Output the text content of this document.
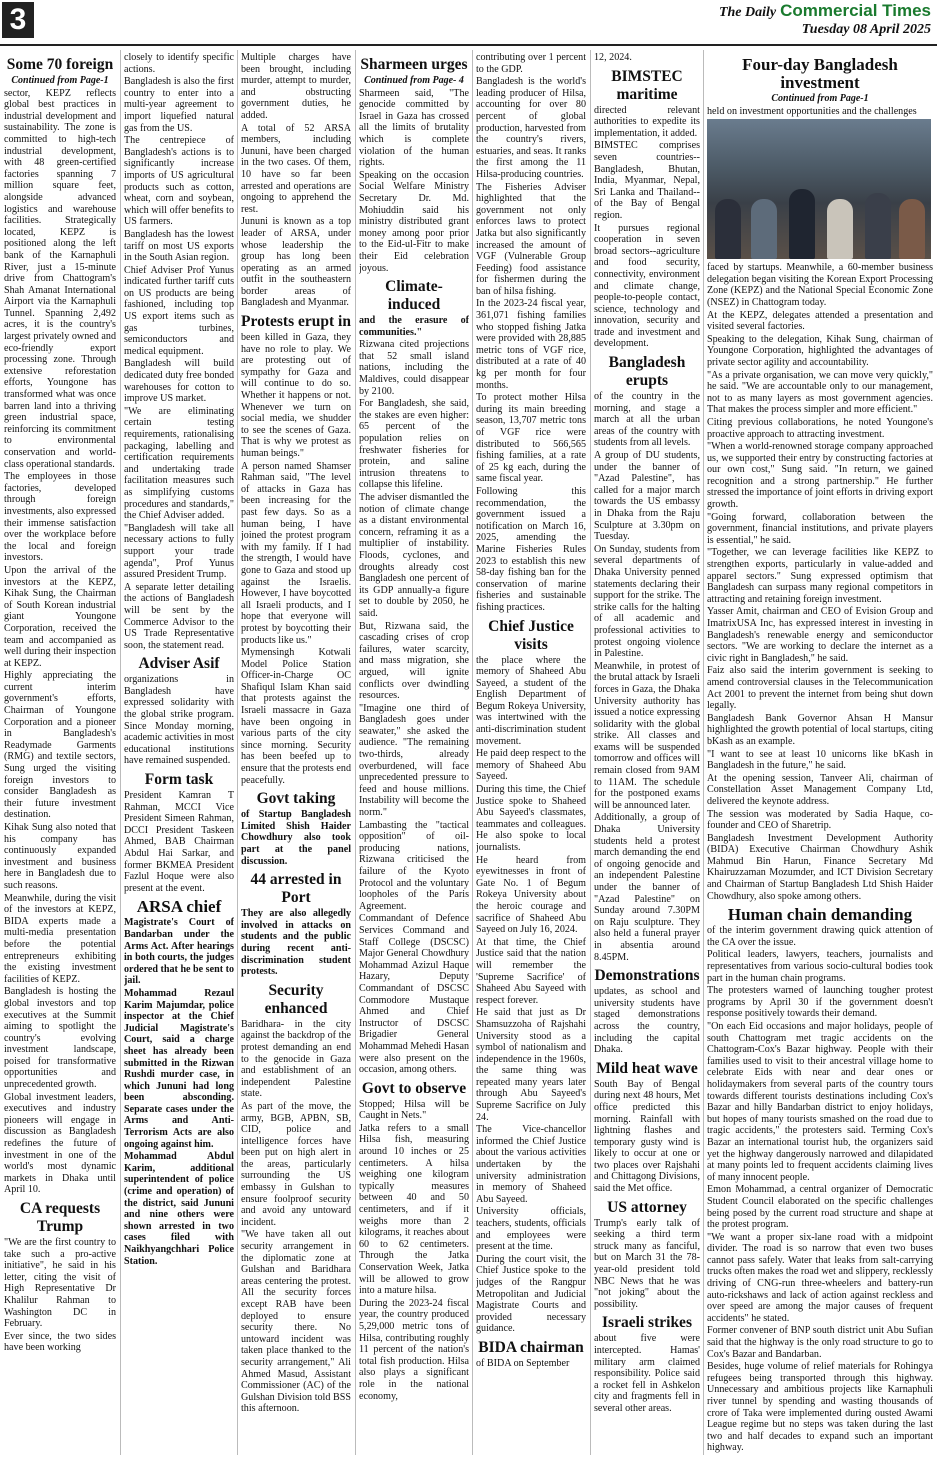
3	The Daily Commercial Times
Tuesday 08 April 2025
Some 70 foreign
Continued from Page-1

sector, KEPZ reflects global best practices in industrial development and sustainability. The zone is committed to high-tech industrial development, with 48 green-certified factories spanning 7 million square feet, alongside advanced logistics and warehouse facilities. Strategically located, KEPZ is positioned along the left bank of the Karnaphuli River, just a 15-minute drive from Chattogram's Shah Amanat International Airport via the Karnaphuli Tunnel. Spanning 2,492 acres, it is the country's largest privately owned and eco-friendly export processing zone. Through extensive reforestation efforts, Youngone has transformed what was once barren land into a thriving green industrial space, reinforcing its commitment to environmental conservation and world-class operational standards.

The employees in those factories, developed through foreign investments, also expressed their immense satisfaction over the workplace before the local and foreign investors.

Upon the arrival of the investors at the KEPZ, Kihak Sung, the Chairman of South Korean industrial giant Youngone Corporation, received the team and accompanied as well during their inspection at KEPZ.

Highly appreciating the current interim government's efforts, Chairman of Youngone Corporation and a pioneer in Bangladesh's Readymade Garments (RMG) and textile sectors, Sung urged the visiting foreign investors to consider Bangladesh as their future investment destination.

Kihak Sung also noted that his company has continuously expanded investment and business here in Bangladesh due to such reasons.

Meanwhile, during the visit of the investors at KEPZ, BIDA experts made a multi-media presentation before the potential entrepreneurs exhibiting the existing investment facilities of KEPZ.

Bangladesh is hosting the global investors and top executives at the Summit aiming to spotlight the country's evolving investment landscape, poised for transformative opportunities and unprecedented growth.

Global investment leaders, executives and industry pioneers will engage in discussion as Bangladesh redefines the future of investment in one of the world's most dynamic markets in Dhaka until April 10.

CA requests Trump

"We are the first country to take such a pro-active initiative", he said in his letter, citing the visit of High Representative Dr Khalilur Rahman to Washington DC in February.

Ever since, the two sides have been working

closely to identify specific actions.

Bangladesh is also the first country to enter into a multi-year agreement to import liquefied natural gas from the US.

The centrepiece of Bangladesh's actions is to significantly increase imports of US agricultural products such as cotton, wheat, corn and soybean, which will offer benefits to US farmers.

Bangladesh has the lowest tariff on most US exports in the South Asian region.

Chief Adviser Prof Yunus indicated further tariff cuts on US products are being fashioned, including top US export items such as gas turbines, semiconductors and medical equipment.

Bangladesh will build dedicated duty free bonded warehouses for cotton to improve US market.

"We are eliminating certain testing requirements, rationalising packaging, labelling and certification requirements and undertaking trade facilitation measures such as simplifying customs procedures and standards," the Chief Adviser added.

"Bangladesh will take all necessary actions to fully support your trade agenda", Prof Yunus assured President Trump.

A separate letter detailing the actions of Bangladesh will be sent by the Commerce Advisor to the US Trade Representative soon, the statement read.

Adviser Asif

organizations in Bangladesh have expressed solidarity with the global strike program. Since Monday morning, academic activities in most educational institutions have remained suspended.

Form task

President Kamran T Rahman, MCCI Vice President Simeen Rahman, DCCI President Taskeen Ahmed, BAB Chairman Abdul Hai Sarkar, and former BKMEA President Fazlul Hoque were also present at the event.

ARSA chief

Magistrate's Court of Bandarban under the Arms Act. After hearings in both courts, the judges ordered that he be sent to jail.

Mohammad Rezaul Karim Majumdar, police inspector at the Chief Judicial Magistrate's Court, said a charge sheet has already been submitted in the Rizwan Rushdi murder case, in which Jununi had long been absconding. Separate cases under the Arms and Anti-Terrorism Acts are also ongoing against him.

Mohammad Abdul Karim, additional superintendent of police (crime and operation) of the district, said Jununi and nine others were shown arrested in two cases filed with Naikhyangchhari Police Station.

Multiple charges have been brought, including murder, attempt to murder, and obstructing government duties, he added.

A total of 52 ARSA members, including Jununi, have been charged in the two cases. Of them, 10 have so far been arrested and operations are ongoing to apprehend the rest.

Jununi is known as a top leader of ARSA, under whose leadership the group has long been operating as an armed outfit in the southeastern border areas of Bangladesh and Myanmar.

Protests erupt in

been killed in Gaza, they have no role to play. We are protesting out of sympathy for Gaza and will continue to do so. Whether it happens or not. Whenever we turn on social media, we shudder to see the scenes of Gaza. That is why we protest as human beings."

A person named Shamser Rahman said, "The level of attacks in Gaza has been increasing for the past few days. So as a human being, I have joined the protest program with my family. If I had the strength, I would have gone to Gaza and stood up against the Israelis. However, I have boycotted all Israeli products, and I hope that everyone will protest by boycotting their products like us."

Mymensingh Kotwali Model Police Station Officer-in-Charge OC Shafiqul Islam Khan said that protests against the Israeli massacre in Gaza have been ongoing in various parts of the city since morning. Security has been beefed up to ensure that the protests end peacefully.

Govt taking

of Startup Bangladesh Limited Shish Haider Chowdhury also took part at the panel discussion.

44 arrested in Port

They are also allegedly involved in attacks on students and the public during recent anti-discrimination student protests.

Security enhanced

Baridhara- in the city against the backdrop of the protest demanding an end to the genocide in Gaza and establishment of an independent Palestine state.

As part of the move, the army, BGB, APBN, SB, CID, police and intelligence forces have been put on high alert in the areas, particularly surrounding the US embassy in Gulshan to ensure foolproof security and avoid any untoward incident.

"We have taken all out security arrangement in the diplomatic zone at Gulshan and Baridhara areas centering the protest. All the security forces except RAB have been deployed to ensure security there. No untoward incident was taken place thanked to the security arrangement," Ali Ahmed Masud, Assistant Commissioner (AC) of the Gulshan Division told BSS this afternoon.

Sharmeen urges
Continued from Page- 4

Sharmeen said, "The genocide committed by Israel in Gaza has crossed all the limits of brutality which is complete violation of the human rights.

Speaking on the occasion Social Welfare Ministry Secretary Dr. Md. Mohiuddin said his ministry distributed grant money among poor prior to the Eid-ul-Fitr to make their Eid celebration joyous.

Climate-induced

and the erasure of communities."

Rizwana cited projections that 52 small island nations, including the Maldives, could disappear by 2100.

For Bangladesh, she said, the stakes are even higher: 65 percent of the population relies on freshwater fisheries for protein, and saline intrusion threatens to collapse this lifeline.

The adviser dismantled the notion of climate change as a distant environmental concern, reframing it as a multiplier of instability. Floods, cyclones, and droughts already cost Bangladesh one percent of its GDP annually-a figure set to double by 2050, he said.

But, Rizwana said, the cascading crises of crop failures, water scarcity, and mass migration, she argued, will ignite conflicts over dwindling resources.

"Imagine one third of Bangladesh goes under seawater," she asked the audience. "The remaining two-thirds, already overburdened, will face unprecedented pressure to feed and house millions. Instability will become the norm."

Lambasting the "tactical opposition" of oil-producing nations, Rizwana criticised the failure of the Kyoto Protocol and the voluntary loopholes of the Paris Agreement.

Commandant of Defence Services Command and Staff College (DSCSC) Major General Chowdhury Mohammad Azizul Haque Hazary, Deputy Commandant of DSCSC Commodore Mustaque Ahmed and Chief Instructor of DSCSC Brigadier General Mohammad Mehedi Hasan were also present on the occasion, among others.

Govt to observe

Stopped; Hilsa will be Caught in Nets."

Jatka refers to a small Hilsa fish, measuring around 10 inches or 25 centimeters. A hilsa weighing one kilogram typically measures between 40 and 50 centimeters, and if it weighs more than 2 kilograms, it reaches about 60 to 62 centimeters. Through the Jatka Conservation Week, Jatka will be allowed to grow into a mature hilsa.

During the 2023-24 fiscal year, the country produced 5,29,000 metric tons of Hilsa, contributing roughly 11 percent of the nation's total fish production. Hilsa also plays a significant role in the national economy,

contributing over 1 percent to the GDP.

Bangladesh is the world's leading producer of Hilsa, accounting for over 80 percent of global production, harvested from the country's rivers, estuaries, and seas. It ranks the first among the 11 Hilsa-producing countries.

The Fisheries Adviser highlighted that the government not only enforces laws to protect Jatka but also significantly increased the amount of VGF (Vulnerable Group Feeding) food assistance for fishermen during the ban of hilsa fishing.

In the 2023-24 fiscal year, 361,071 fishing families who stopped fishing Jatka were provided with 28,885 metric tons of VGF rice, distributed at a rate of 40 kg per month for four months.

To protect mother Hilsa during its main breeding season, 13,707 metric tons of VGF rice were distributed to 566,565 fishing families, at a rate of 25 kg each, during the same fiscal year.

Following this recommendation, the government issued a notification on March 16, 2025, amending the Marine Fisheries Rules 2023 to establish this new 58-day fishing ban for the conservation of marine fisheries and sustainable fishing practices.

Chief Justice visits

the place where the memory of Shaheed Abu Sayeed, a student of the English Department of Begum Rokeya University, was intertwined with the anti-discrimination student movement.

He paid deep respect to the memory of Shaheed Abu Sayeed.

During this time, the Chief Justice spoke to Shaheed Abu Sayeed's classmates, teammates and colleagues. He also spoke to local journalists.

He heard from eyewitnesses in front of Gate No. 1 of Begum Rokeya University about the heroic courage and sacrifice of Shaheed Abu Sayeed on July 16, 2024.

At that time, the Chief Justice said that the nation will remember the 'Supreme Sacrifice' of Shaheed Abu Sayeed with respect forever.

He said that just as Dr Shamsuzzoha of Rajshahi University stood as a symbol of nationalism and independence in the 1960s, the same thing was repeated many years later through Abu Sayeed's Supreme Sacrifice on July 24.

The Vice-chancellor informed the Chief Justice about the various activities undertaken by the university administration in memory of Shaheed Abu Sayeed.

University officials, teachers, students, officials and employees were present at the time.

During the court visit, the Chief Justice spoke to the judges of the Rangpur Metropolitan and Judicial Magistrate Courts and provided necessary guidance.

BIDA chairman

of BIDA on September

12, 2024.

BIMSTEC maritime

directed relevant authorities to expedite its implementation, it added.

BIMSTEC comprises seven countries--Bangladesh, Bhutan, India, Myanmar, Nepal, Sri Lanka and Thailand--of the Bay of Bengal region.

It pursues regional cooperation in seven broad sectors--agriculture and food security, connectivity, environment and climate change, people-to-people contact, science, technology and innovation, security and trade and investment and development.

Bangladesh erupts

of the country in the morning, and stage a march at all the urban areas of the country with students from all levels.

A group of DU students, under the banner of "Azad Palestine", has called for a major march towards the US embassy in Dhaka from the Raju Sculpture at 3.30pm on Tuesday.

On Sunday, students from several departments of Dhaka University penned statements declaring their support for the strike. The strike calls for the halting of all academic and professional activities to protest ongoing violence in Palestine.

Meanwhile, in protest of the brutal attack by Israeli forces in Gaza, the Dhaka University authority has issued a notice expressing solidarity with the global strike. All classes and exams will be suspended tomorrow and offices will remain closed from 9AM to 11AM. The schedule for the postponed exams will be announced later.

Additionally, a group of Dhaka University students held a protest march demanding the end of ongoing genocide and an independent Palestine under the banner of "Azad Palestine" on Sunday around 7.30PM on Raju sculpture. They also held a funeral prayer in absentia around 8.45PM.

Demonstrations

updates, as school and university students have staged demonstrations across the country, including the capital Dhaka.

Mild heat wave

South Bay of Bengal during next 48 hours, Met office predicted this morning. Rainfall with lightning flashes and temporary gusty wind is likely to occur at one or two places over Rajshahi and Chittagong Divisions, said the Met office.

US attorney

Trump's early talk of seeking a third term struck many as fanciful, but on March 31 the 78-year-old president told NBC News that he was "not joking" about the possibility.

Israeli strikes

about five were intercepted. Hamas' military arm claimed responsibility. Police said a rocket fell in Ashkelon city and fragments fell in several other areas.

Four-day Bangladesh investment
Continued from Page-1

held on investment opportunities and the challenges

faced by startups. Meanwhile, a 60-member business delegation began visiting the Korean Export Processing Zone (KEPZ) and the National Special Economic Zone (NSEZ) in Chattogram today.

At the KEPZ, delegates attended a presentation and visited several factories.

Speaking to the delegation, Kihak Sung, chairman of Youngone Corporation, highlighted the advantages of private sector agility and accountability.

"As a private organisation, we can move very quickly," he said. "We are accountable only to our management, not to as many layers as most government agencies. That makes the process simpler and more efficient."

Citing previous collaborations, he noted Youngone's proactive approach to attracting investment.

"When a world-renowned storage company approached us, we supported their entry by constructing factories at our own cost," Sung said. "In return, we gained recognition and a strong partnership." He further stressed the importance of joint efforts in driving export growth.

"Going forward, collaboration between the government, financial institutions, and private players is essential," he said.

"Together, we can leverage facilities like KEPZ to strengthen exports, particularly in value-added and apparel sectors." Sung expressed optimism that Bangladesh can surpass many regional competitors in attracting and retaining foreign investment.

Yasser Amit, chairman and CEO of Evision Group and ImatrixUSA Inc, has expressed interest in investing in Bangladesh's renewable energy and semiconductor sectors. "We are working to declare the internet as a civic right in Bangladesh," he said.

Faiz also said the interim government is seeking to amend controversial clauses in the Telecommunication Act 2001 to prevent the internet from being shut down legally.

Bangladesh Bank Governor Ahsan H Mansur highlighted the growth potential of local startups, citing bKash as an example.

"I want to see at least 10 unicorns like bKash in Bangladesh in the future," he said.

At the opening session, Tanveer Ali, chairman of Constellation Asset Management Company Ltd, delivered the keynote address.

The session was moderated by Sadia Haque, co-founder and CEO of Sharetrip.

Bangladesh Investment Development Authority (BIDA) Executive Chairman Chowdhury Ashik Mahmud Bin Harun, Finance Secretary Md Khairuzzaman Mozumder, and ICT Division Secretary and Chairman of Startup Bangladesh Ltd Shish Haider Chowdhury, also spoke among others.

Human chain demanding

of the interim government drawing quick attention of the CA over the issue.

Political leaders, lawyers, teachers, journalists and representatives from various socio-cultural bodies took part in the human chain programs.

The protesters warned of launching tougher protest programs by April 30 if the government doesn't response positively towards their demand.

"On each Eid occasions and major holidays, people of south Chattogram met tragic accidents on the Chattogram-Cox's Bazar highway. People with their families used to visit to their ancestral village home to celebrate Eids with near and dear ones or holidaymakers from several parts of the country tours towards different tourists destinations including Cox's Bazar and hilly Bandarban district to enjoy holidays, but hopes of many tourists smashed on the road due to tragic accidents," the protesters said. Terming Cox's Bazar an international tourist hub, the organizers said yet the highway dangerously narrowed and dilapidated at many points led to frequent accidents claiming lives of many innocent people.

Emon Mohammad, a central organizer of Democratic Student Council elaborated on the specific challenges being posed by the current road structure and shape at the protest program.

"We want a proper six-lane road with a midpoint divider. The road is so narrow that even two buses cannot pass safely. Water that leaks from salt-carrying trucks often makes the road wet and slippery, recklessly driving of CNG-run three-wheelers and battery-run auto-rickshaws and lack of action against reckless and over speed are among the major causes of frequent accidents" he stated.

Former convener of BNP south district unit Abu Sufian said that the highway is the only road structure to go to Cox's Bazar and Bandarban.

Besides, huge volume of relief materials for Rohingya refugees being transported through this highway. Unnecessary and ambitious projects like Karnaphuli river tunnel by spending and wasting thousands of crore of Taka were implemented during ousted Awami League regime but no steps was taken during the last two and half decades to expand such an important highway.
